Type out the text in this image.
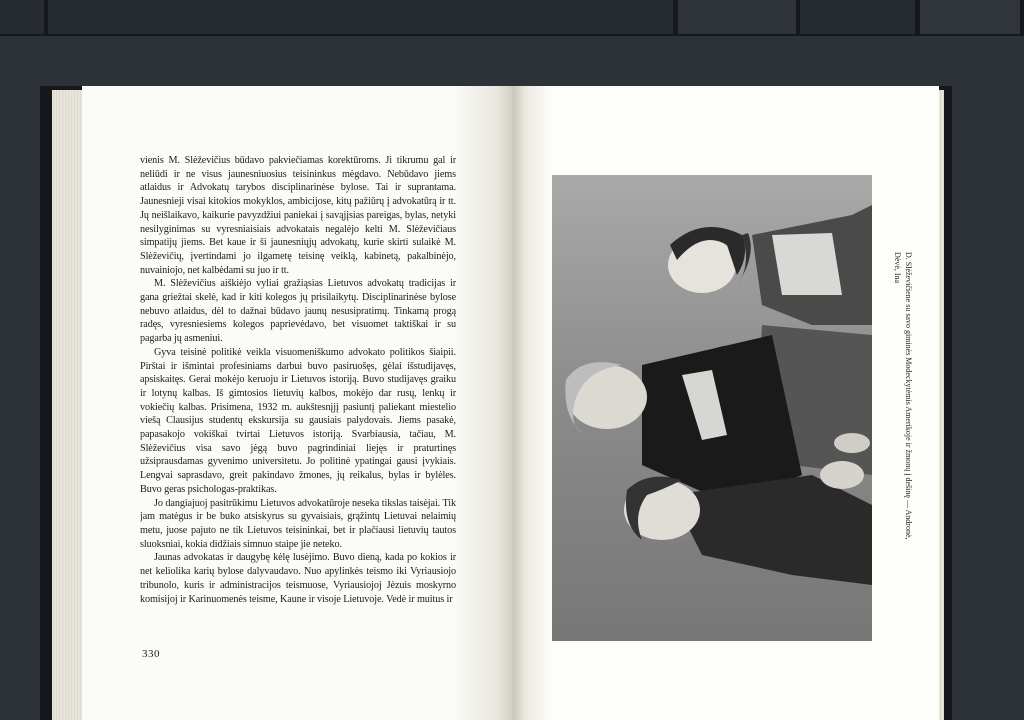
vienis M. Slėževičius būdavo pakviečiamas korektūroms. Ji tikrumu gal ir neliūdi ir ne visus jaunesniuosius teisininkus mėgdavo. Nebūdavo jiems atlaidus ir Advokatų tarybos disciplinarinėse bylose. Tai ir suprantama. Jaunesnieji visai kitokios mokyklos, ambicijose, kitų pažiūrų į advokatūrą ir tt. Jų neišlaikavo, kaikurie pavyzdžiui paniekai į savąjįsias pareigas, bylas, netyki nesilyginimas su vyresniaisiais advokatais negalėjo kelti M. Slėževičiaus simpatijų jiems. Bet kaue ir ši jaunesniųjų advokatų, kurie skirti sulaikė M. Slėževičių, įvertindami jo ilgametę teisinę veiklą, kabinetą, pakalbinėjo, nuvainiojo, net kalbėdami su juo ir tt.

M. Slėževičius aiškiėjo vyliai gražiąsias Lietuvos advokatų tradicijas ir gana griežtai skelė, kad ir kiti kolegos jų prisilaikytų. Disciplinarinėse bylose nebuvo atlaidus, dėl to dažnai būdavo jaunų nesusipratimų. Tinkamą progą radęs, vyresniesiems kolegos paprievėdavo, bet visuomet taktiškai ir su pagarba jų asmeniui.

Gyva teisinė politikė veikla visuomeniškumo advokato politikos šiaipii. Pirštai ir išmintai profesiniams darbui buvo pasiruošęs, gėlai išstudijavęs, apsiskaitęs. Gerai mokėjo keruoju ir Lietuvos istoriją. Buvo studijavęs graiku ir lotynų kalbas. Iš gimtosios lietuvių kalbos, mokėjo dar rusų, lenkų ir vokiečių kalbas. Prisimena, 1932 m. aukštesnįjį pasiuntį paliekant miestelio viešą Clausijus studentų ekskursija su gausiais palydovais. Jiems pasakė, papasakojo vokiškai tvirtai Lietuvos istoriją. Svarbiausia, tačiau, M. Slėževičius visa savo jėgą buvo pagrindiniai liejęs ir praturtinęs užsiprausdamas gyvenimo universitetu. Jo politinė ypatingai gausi įvykiais. Lengvai saprasdavo, greit pakindavo žmones, jų reikalus, bylas ir bylėles. Buvo geras psichologas-praktikas.

Jo dangiajuoj pasitrūkimu Lietuvos advokatūroje neseka tikslas taisėjai. Tik jam matėgus ir be buko atsiskyrus su gyvaisiais, grąžintų Lietuvai nelaimių metu, juose pajuto ne tik Lietuvos teisininkai, bet ir plačiausi lietuvių tautos sluoksniai, kokia didžiais simnuo staipe jie neteko.

Jaunas advokatas ir daugybę kėlę lusėjimo. Buvo dieną, kada po kokios ir net keliolika karių bylose dalyvaudavo. Nuo apylinkės teismo iki Vyriausiojo tribunolo, kuris ir administracijos teismuose, Vyriausiojoj Jėzuis moskyrno komisijoj ir Karinuomenės teisme, Kaune ir visoje Lietuvoje. Vedė ir muitus ir

330
D. Slėževičiene su savo giminės Modeckytėmis Amerikoje ir žmonų į dešinę — Andronė, Dėvė, Ina
